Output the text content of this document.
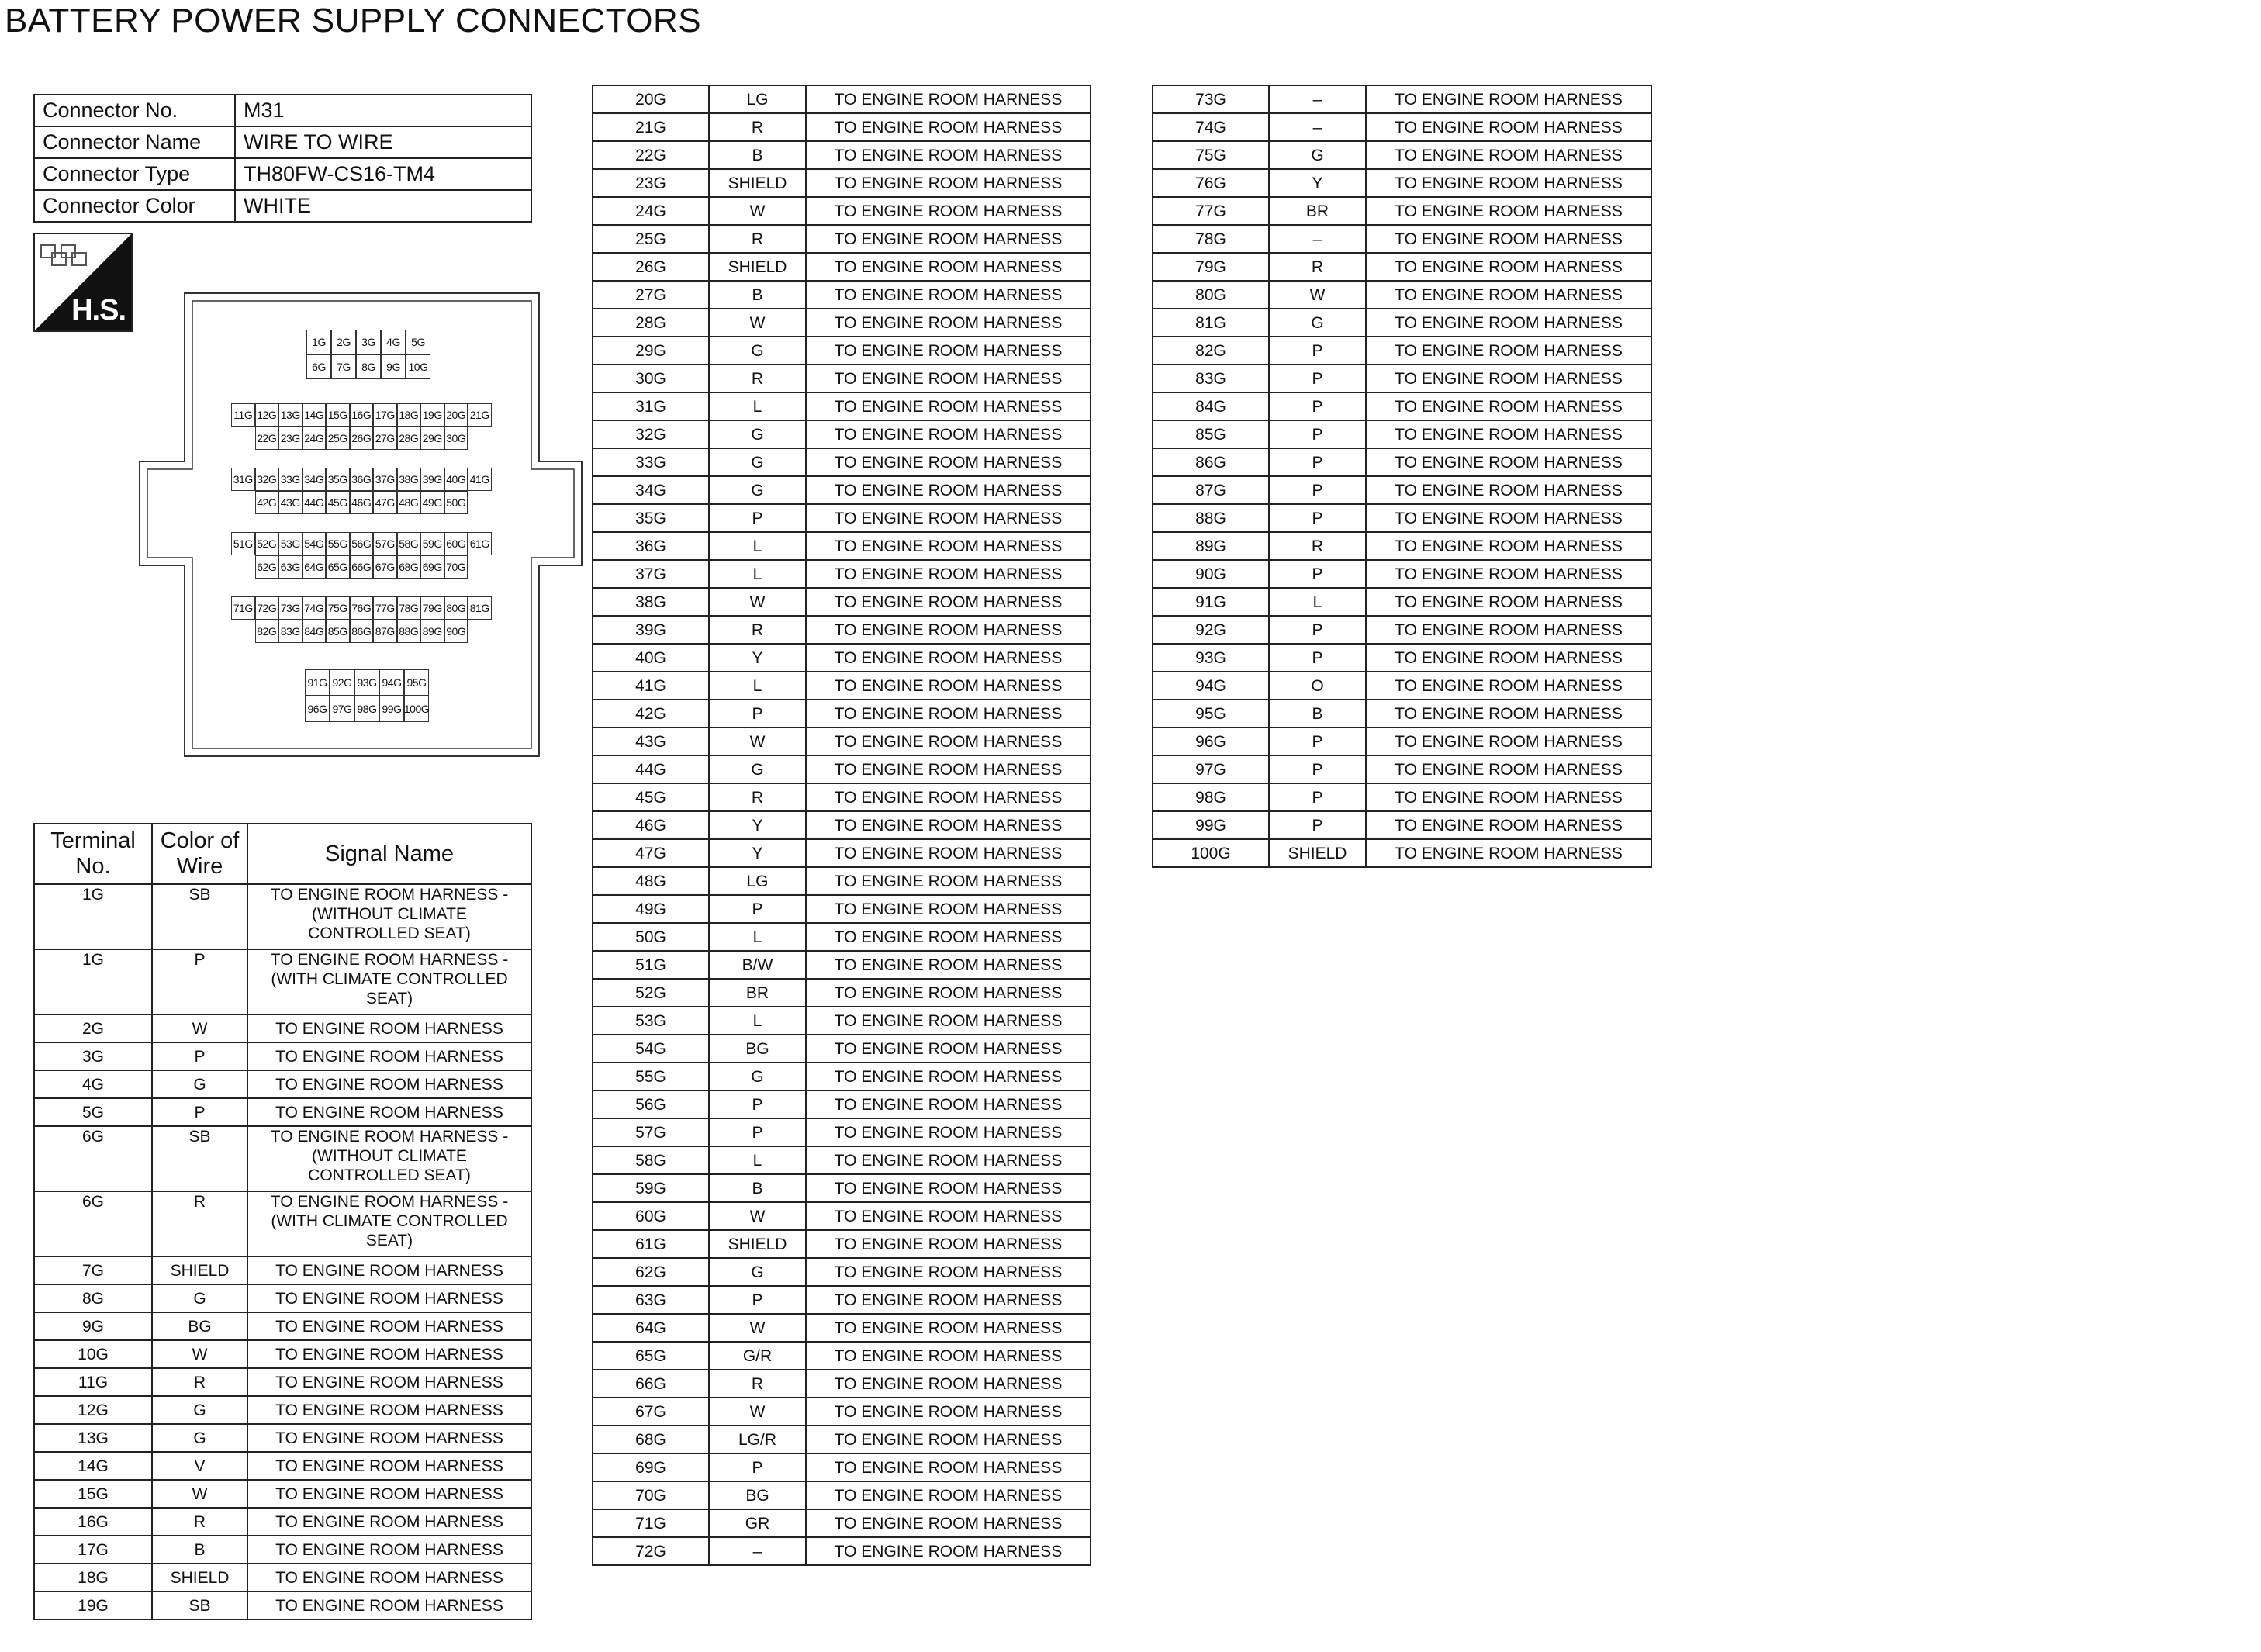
BATTERY POWER SUPPLY CONNECTORS
Connector No.	M31
Connector Name	WIRE TO WIRE
Connector Type	TH80FW-CS16-TM4
Connector Color	WHITE
H.S.
1G	2G	3G	4G	5G
6G	7G	8G	9G 10G
11G 12G 13G 14G 15G 16G 17G 18G 19G 20G 21G
22G 23G 24G 25G 26G 27G 28G 29G 30G
31G 32G 33G 34G 35G 36G 37G 38G 39G 40G 41G
42G 43G 44G 45G 46G 47G 48G 49G 50G
51G 52G 53G 54G 55G 56G 57G 58G 59G 60G 61G
62G 63G 64G 65G 66G 67G 68G 69G 70G
71G 72G 73G 74G 75G 76G 77G 78G 79G 80G 81G
82G 83G 84G 85G 86G 87G 88G 89G 90G
91G 92G 93G 94G 95G
96G 97G 98G 99G 100G
Terminal No.	Color of Wire	Signal Name
1G	SB	TO ENGINE ROOM HARNESS -
(WITHOUT CLIMATE
CONTROLLED SEAT)
1G	P	TO ENGINE ROOM HARNESS -
(WITH CLIMATE CONTROLLED
SEAT)
2G	W	TO ENGINE ROOM HARNESS
3G	P	TO ENGINE ROOM HARNESS
4G	G	TO ENGINE ROOM HARNESS
5G	P	TO ENGINE ROOM HARNESS
6G	SB	TO ENGINE ROOM HARNESS -
(WITHOUT CLIMATE
CONTROLLED SEAT)
6G	R	TO ENGINE ROOM HARNESS -
(WITH CLIMATE CONTROLLED
SEAT)
7G	SHIELD	TO ENGINE ROOM HARNESS
8G	G	TO ENGINE ROOM HARNESS
9G	BG	TO ENGINE ROOM HARNESS
10G	W	TO ENGINE ROOM HARNESS
11G	R	TO ENGINE ROOM HARNESS
12G	G	TO ENGINE ROOM HARNESS
13G	G	TO ENGINE ROOM HARNESS
14G	V	TO ENGINE ROOM HARNESS
15G	W	TO ENGINE ROOM HARNESS
16G	R	TO ENGINE ROOM HARNESS
17G	B	TO ENGINE ROOM HARNESS
18G	SHIELD	TO ENGINE ROOM HARNESS
19G	SB	TO ENGINE ROOM HARNESS
20G	LG	TO ENGINE ROOM HARNESS
21G	R	TO ENGINE ROOM HARNESS
22G	B	TO ENGINE ROOM HARNESS
23G	SHIELD	TO ENGINE ROOM HARNESS
24G	W	TO ENGINE ROOM HARNESS
25G	R	TO ENGINE ROOM HARNESS
26G	SHIELD	TO ENGINE ROOM HARNESS
27G	B	TO ENGINE ROOM HARNESS
28G	W	TO ENGINE ROOM HARNESS
29G	G	TO ENGINE ROOM HARNESS
30G	R	TO ENGINE ROOM HARNESS
31G	L	TO ENGINE ROOM HARNESS
32G	G	TO ENGINE ROOM HARNESS
33G	G	TO ENGINE ROOM HARNESS
34G	G	TO ENGINE ROOM HARNESS
35G	P	TO ENGINE ROOM HARNESS
36G	L	TO ENGINE ROOM HARNESS
37G	L	TO ENGINE ROOM HARNESS
38G	W	TO ENGINE ROOM HARNESS
39G	R	TO ENGINE ROOM HARNESS
40G	Y	TO ENGINE ROOM HARNESS
41G	L	TO ENGINE ROOM HARNESS
42G	P	TO ENGINE ROOM HARNESS
43G	W	TO ENGINE ROOM HARNESS
44G	G	TO ENGINE ROOM HARNESS
45G	R	TO ENGINE ROOM HARNESS
46G	Y	TO ENGINE ROOM HARNESS
47G	Y	TO ENGINE ROOM HARNESS
48G	LG	TO ENGINE ROOM HARNESS
49G	P	TO ENGINE ROOM HARNESS
50G	L	TO ENGINE ROOM HARNESS
51G	B/W	TO ENGINE ROOM HARNESS
52G	BR	TO ENGINE ROOM HARNESS
53G	L	TO ENGINE ROOM HARNESS
54G	BG	TO ENGINE ROOM HARNESS
55G	G	TO ENGINE ROOM HARNESS
56G	P	TO ENGINE ROOM HARNESS
57G	P	TO ENGINE ROOM HARNESS
58G	L	TO ENGINE ROOM HARNESS
59G	B	TO ENGINE ROOM HARNESS
60G	W	TO ENGINE ROOM HARNESS
61G	SHIELD	TO ENGINE ROOM HARNESS
62G	G	TO ENGINE ROOM HARNESS
63G	P	TO ENGINE ROOM HARNESS
64G	W	TO ENGINE ROOM HARNESS
65G	G/R	TO ENGINE ROOM HARNESS
66G	R	TO ENGINE ROOM HARNESS
67G	W	TO ENGINE ROOM HARNESS
68G	LG/R	TO ENGINE ROOM HARNESS
69G	P	TO ENGINE ROOM HARNESS
70G	BG	TO ENGINE ROOM HARNESS
71G	GR	TO ENGINE ROOM HARNESS
72G	–	TO ENGINE ROOM HARNESS
73G	–	TO ENGINE ROOM HARNESS
74G	–	TO ENGINE ROOM HARNESS
75G	G	TO ENGINE ROOM HARNESS
76G	Y	TO ENGINE ROOM HARNESS
77G	BR	TO ENGINE ROOM HARNESS
78G	–	TO ENGINE ROOM HARNESS
79G	R	TO ENGINE ROOM HARNESS
80G	W	TO ENGINE ROOM HARNESS
81G	G	TO ENGINE ROOM HARNESS
82G	P	TO ENGINE ROOM HARNESS
83G	P	TO ENGINE ROOM HARNESS
84G	P	TO ENGINE ROOM HARNESS
85G	P	TO ENGINE ROOM HARNESS
86G	P	TO ENGINE ROOM HARNESS
87G	P	TO ENGINE ROOM HARNESS
88G	P	TO ENGINE ROOM HARNESS
89G	R	TO ENGINE ROOM HARNESS
90G	P	TO ENGINE ROOM HARNESS
91G	L	TO ENGINE ROOM HARNESS
92G	P	TO ENGINE ROOM HARNESS
93G	P	TO ENGINE ROOM HARNESS
94G	O	TO ENGINE ROOM HARNESS
95G	B	TO ENGINE ROOM HARNESS
96G	P	TO ENGINE ROOM HARNESS
97G	P	TO ENGINE ROOM HARNESS
98G	P	TO ENGINE ROOM HARNESS
99G	P	TO ENGINE ROOM HARNESS
100G	SHIELD	TO ENGINE ROOM HARNESS
